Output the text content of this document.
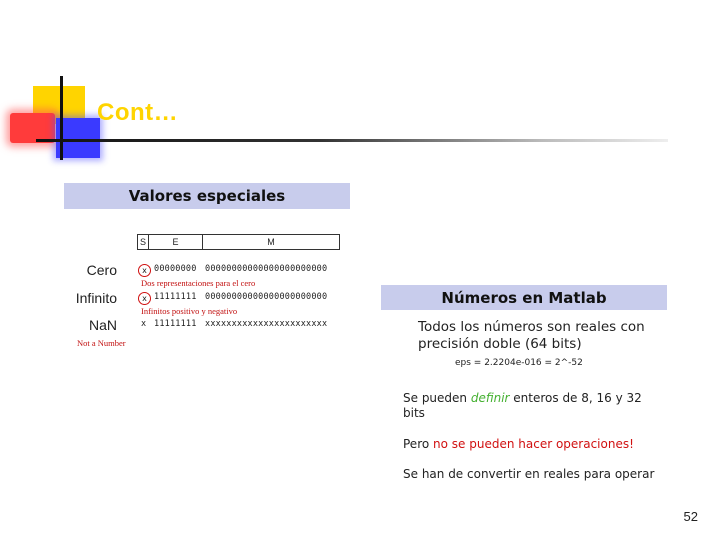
Cont…
Valores especiales
S	E	M
Cero	x 00000000 00000000000000000000000
Dos representaciones para el cero
Infinito	x 11111111 00000000000000000000000
Infinitos positivo y negativo
NaN	x 11111111 xxxxxxxxxxxxxxxxxxxxxxx
Not a Number
Números en Matlab
Todos los números son reales con precisión doble (64 bits)
eps = 2.2204e-016 = 2^-52
Se pueden definir enteros de 8, 16 y 32 bits
Pero no se pueden hacer operaciones!
Se han de convertir en reales para operar
52
